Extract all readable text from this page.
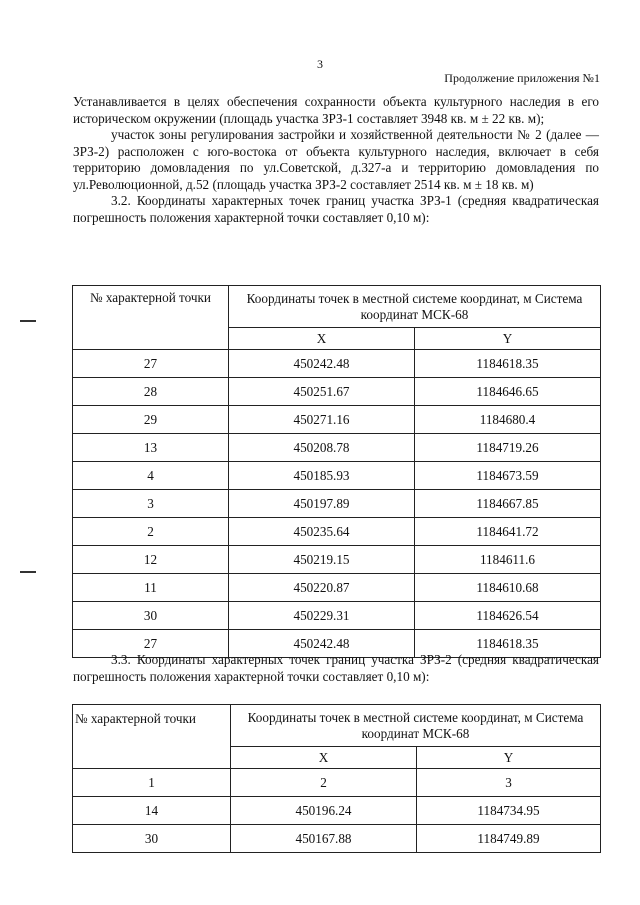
3
Продолжение приложения №1

Устанавливается в целях обеспечения сохранности объекта культурного наследия в его историческом окружении (площадь участка ЗРЗ-1 составляет 3948 кв. м ± 22 кв. м);

участок зоны регулирования застройки и хозяйственной деятельности № 2 (далее — ЗРЗ-2) расположен с юго-востока от объекта культурного наследия, включает в себя территорию домовладения по ул.Советской, д.327-а и территорию домовладения по ул.Революционной, д.52 (площадь участка ЗРЗ-2 составляет 2514 кв. м ± 18 кв. м)

3.2. Координаты характерных точек границ участка ЗРЗ-1 (средняя квадратическая погрешность положения характерной точки составляет 0,10 м):

№ характерной точки	Координаты точек в местной системе координат, м Система координат МСК-68	
	X	Y
27	450242.48	1184618.35
28	450251.67	1184646.65
29	450271.16	1184680.4
13	450208.78	1184719.26
4	450185.93	1184673.59
3	450197.89	1184667.85
2	450235.64	1184641.72
12	450219.15	1184611.6
11	450220.87	1184610.68
30	450229.31	1184626.54
27	450242.48	1184618.35

3.3. Координаты характерных точек границ участка ЗРЗ-2 (средняя квадратическая погрешность положения характерной точки составляет 0,10 м):

№ характерной точки	Координаты точек в местной системе координат, м Система координат МСК-68	
	X	Y
1	2	3
14	450196.24	1184734.95
30	450167.88	1184749.89
